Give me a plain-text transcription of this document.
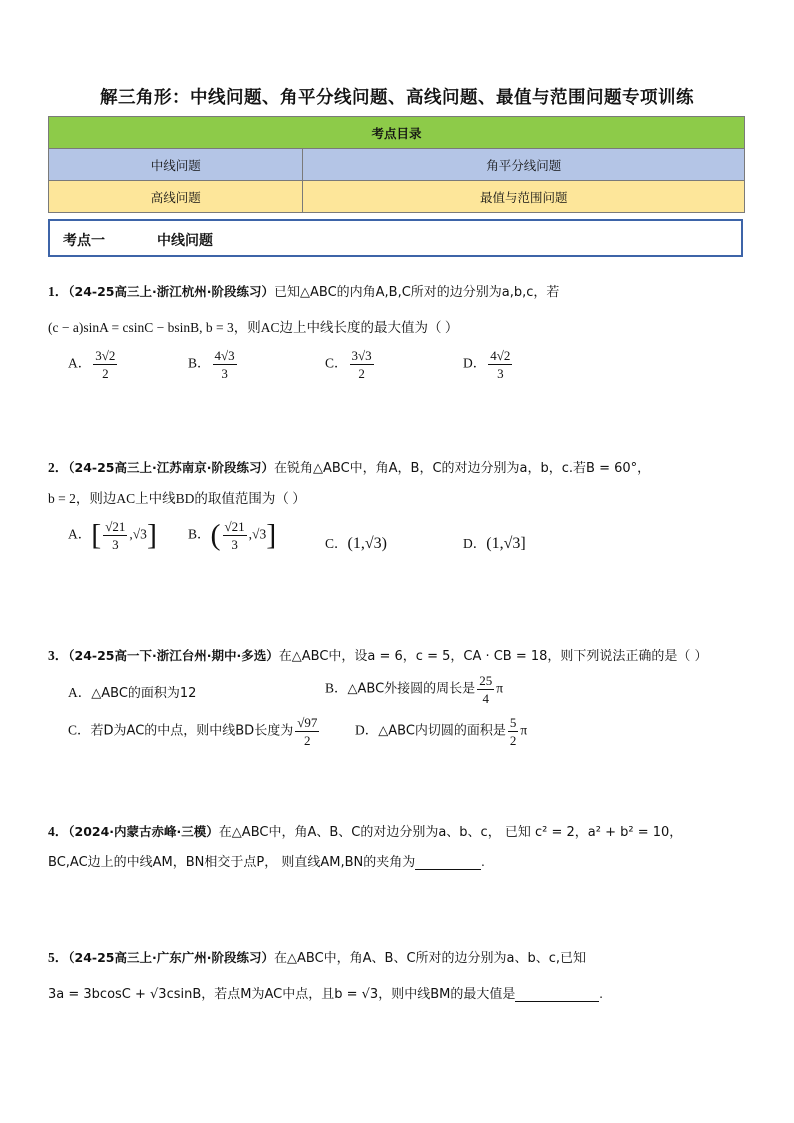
解三角形：中线问题、角平分线问题、高线问题、最值与范围问题专项训练
考点目录	
中线问题	角平分线问题
高线问题	最值与范围问题
考点一	中线问题
1．（24-25高三上·浙江杭州·阶段练习）已知△ABC的内角A,B,C所对的边分别为a,b,c，若
(c − a)sinA = csinC − bsinB, b = 3，则AC边上中线长度的最大值为（ ）
A． $\frac{3√2}{2}$	B． $\frac{4√3}{3}$	C． $\frac{3√3}{2}$	D． $\frac{4√2}{3}$
2．（24-25高三上·江苏南京·阶段练习）在锐角△ABC中，角A，B，C的对边分别为a，b，c.若B = 60°，
b = 2，则边AC上中线BD的取值范围为（ ）
A．[ $\frac{√21}{3} ,√3$] B．( $\frac{√21}{3} ,√3$]	C．(1,√3)	D．(1,√3]
3．（24-25高一下·浙江台州·期中·多选）在△ABC中，设a = 6，c = 5，CA · CB = 18，则下列说法正确的是（ ）
A．△ABC的面积为12	B．△ABC外接圆的周长是 $\frac{25}{4}$ π
C．若D为AC的中点，则中线BD长度为 $\frac{√97}{2}$	D．△ABC内切圆的面积是 $\frac{5}{2}$ π
4．（2024·内蒙古赤峰·三模）在△ABC中，角A、B、C的对边分别为a、b、c， 已知 c² = 2，a² + b² = 10，
BC,AC边上的中线AM，BN相交于点P， 则直线AM,BN的夹角为	.
5．（24-25高三上·广东广州·阶段练习）在△ABC中，角A、B、C所对的边分别为a、b、c,已知
3a = 3bcosC + √3csinB，若点M为AC中点，且b = √3，则中线BM的最大值是	.
